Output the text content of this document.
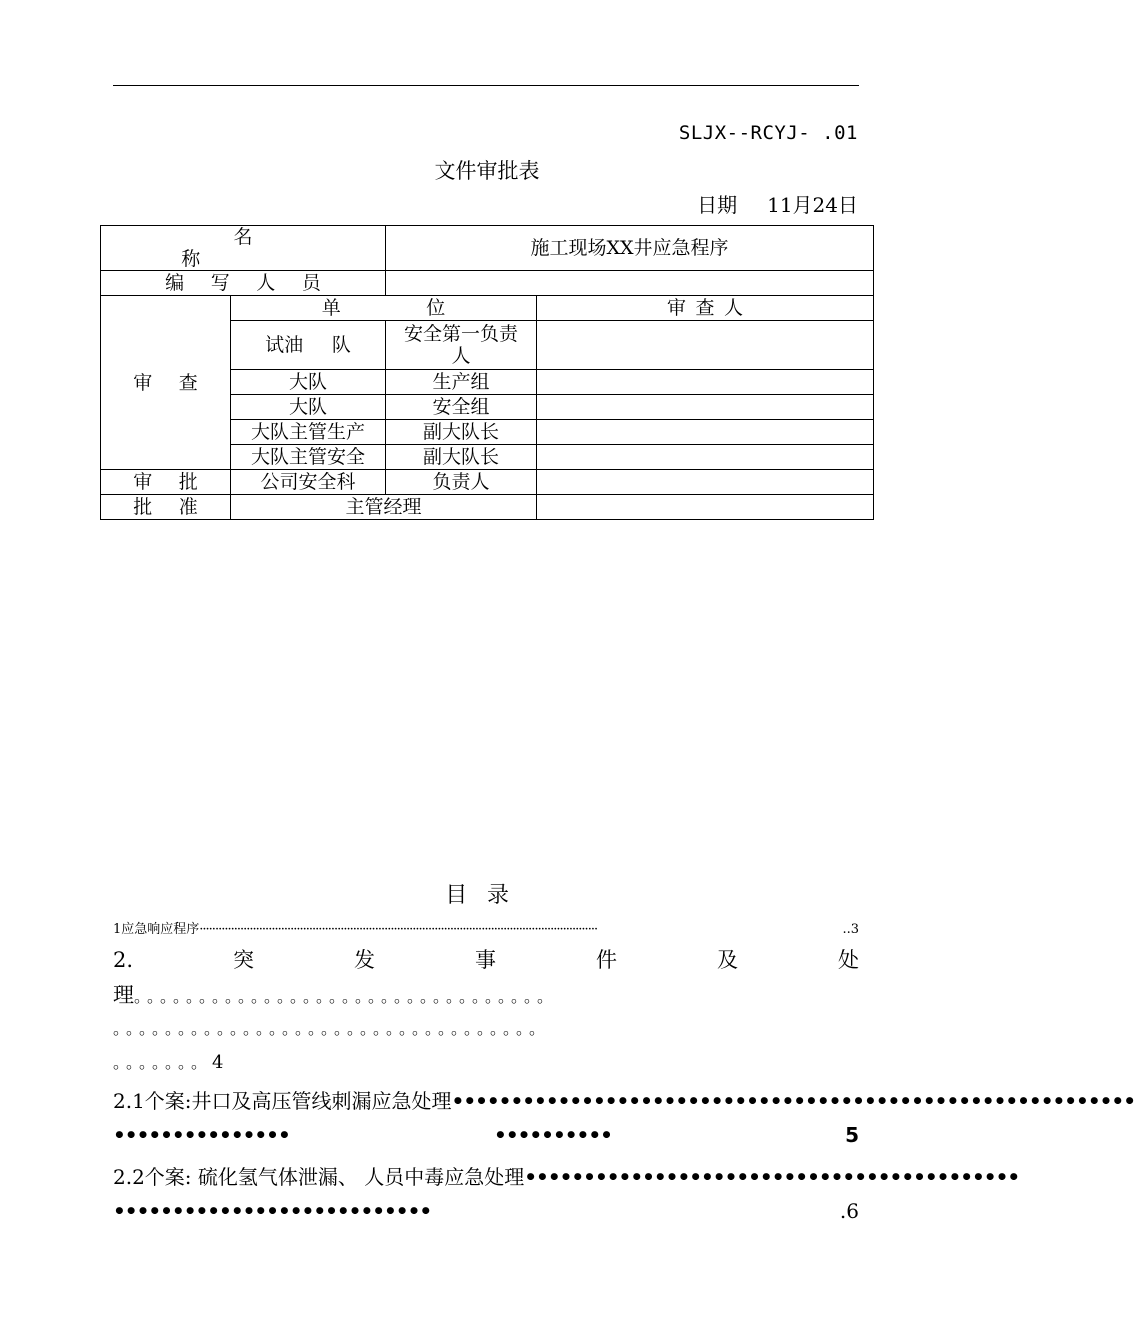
SLJX--RCYJ- .01
文件审批表
日期 11月24日
名称		施工现场XX井应急程序	
编写人员			
审查	单位		审查人
	试油 队	安全第一负责人	
	大队	生产组	
	大队	安全组	
	大队主管生产	副大队长	
	大队主管安全	副大队长	
审批	公司安全科	负责人	
批准	主管经理		
目录
1应急响应程序 ·······························································································································	..3
2.	突	发	事	件	及	处
理。。。。。。。。。。。。。。。。。。。。。。。。。。。。。。。。
。。。。。。。。。。。。。。。。。。。。。。。。。。。。。。。。。
。。。。。。。4
2.1个案:井口及高压管线刺漏应急处理 ••••••••••••••••••••••••••••••••••••••••••••••••••••••••••
•••••••••••••••	••••••••••	5
2.2个案: 硫化氢气体泄漏、 人员中毒应急处理 ••••••••••••••••••••••••••••••••••••••••••
•••••••••••••••••••••••••••	.6
